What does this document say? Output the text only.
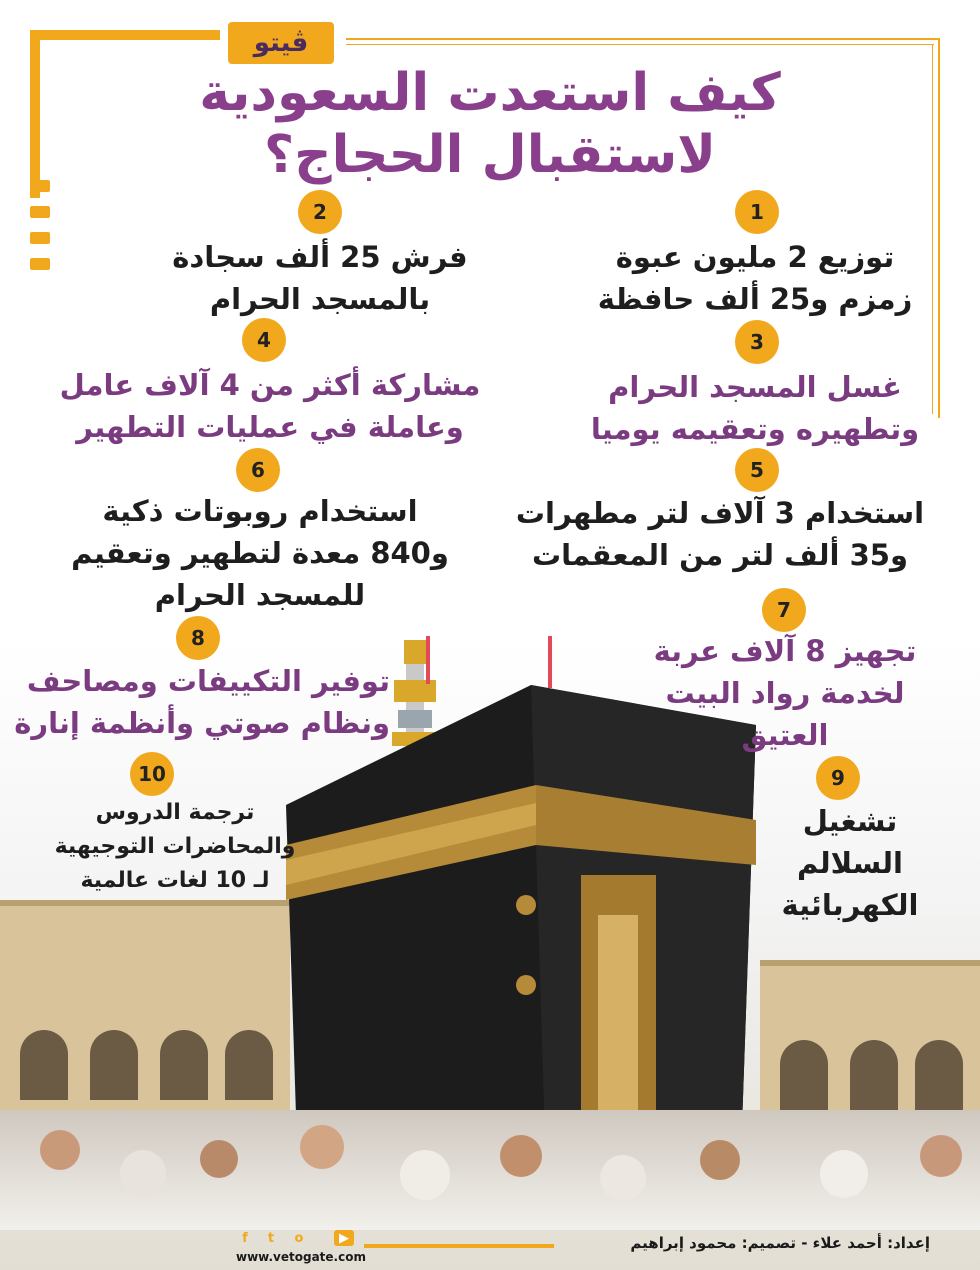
ڤيتو
كيف استعدت السعودية
لاستقبال الحجاج؟
1
توزيع 2 مليون عبوة
زمزم و25 ألف حافظة
2
فرش 25 ألف سجادة
بالمسجد الحرام
3
غسل المسجد الحرام
وتطهيره وتعقيمه يوميا
4
مشاركة أكثر من 4 آلاف عامل
وعاملة في عمليات التطهير
5
استخدام 3 آلاف لتر مطهرات
و35 ألف لتر من المعقمات
6
استخدام روبوتات ذكية
و840 معدة لتطهير وتعقيم
للمسجد الحرام	7
تجهيز 8 آلاف عربة
لخدمة رواد البيت
العتيق
8
توفير التكييفات ومصاحف
ونظام صوتي وأنظمة إنارة
9
تشغيل
السلالم
الكهربائية
10
ترجمة الدروس
والمحاضرات التوجيهية
لـ 10 لغات عالمية
إعداد: أحمد علاء - تصميم: محمود إبراهيم
f	t	o	▶
www.vetogate.com
